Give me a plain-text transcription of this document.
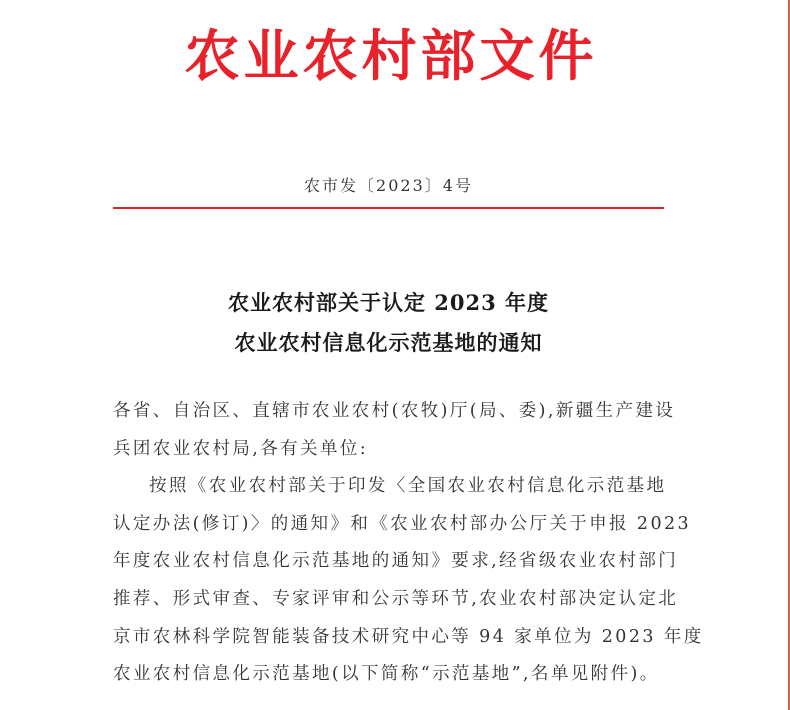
农业农村部文件
农市发〔2023〕4号
农业农村部关于认定 2023 年度
农业农村信息化示范基地的通知
各省、自治区、直辖市农业农村(农牧)厅(局、委),新疆生产建设
兵团农业农村局,各有关单位:
按照《农业农村部关于印发〈全国农业农村信息化示范基地
认定办法(修订)〉的通知》和《农业农村部办公厅关于申报 2023
年度农业农村信息化示范基地的通知》要求,经省级农业农村部门
推荐、形式审查、专家评审和公示等环节,农业农村部决定认定北
京市农林科学院智能装备技术研究中心等 94 家单位为 2023 年度
农业农村信息化示范基地(以下简称“示范基地”,名单见附件)。
